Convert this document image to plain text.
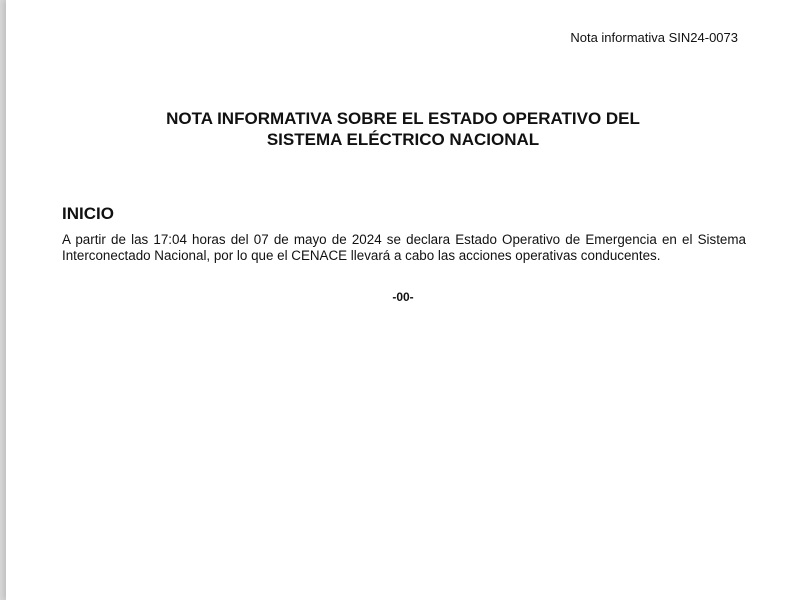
Nota informativa SIN24-0073
NOTA INFORMATIVA SOBRE EL ESTADO OPERATIVO DEL
SISTEMA ELÉCTRICO NACIONAL
INICIO
A partir de las 17:04 horas del 07 de mayo de 2024 se declara Estado Operativo de Emergencia en el Sistema Interconectado Nacional, por lo que el CENACE llevará a cabo las acciones operativas conducentes.
-00-
